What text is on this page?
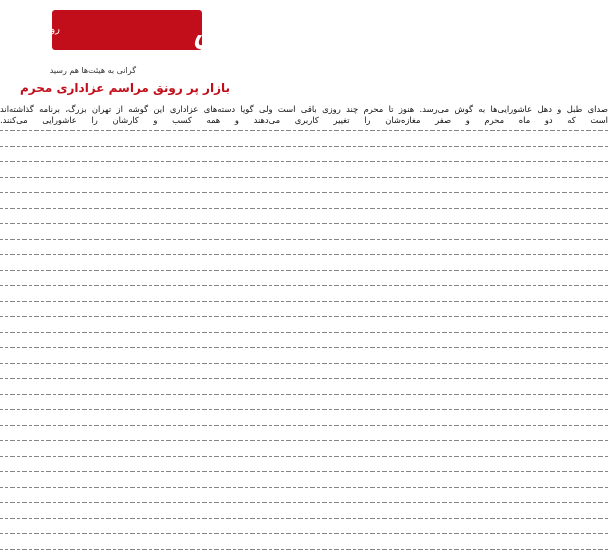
روزنامه	شرق
گرانی به هیئت‌ها هم رسید
بازار پر رونق مراسم عزاداری محرم
صدای طبل و دهل عاشورایی‌ها به گوش می‌رسد. هنوز تا محرم چند روزی باقی است ولی گویا دسته‌های عزاداری این گوشه از تهران بزرگ، برنامه گذاشته‌اند
است که دو ماه محرم و صفر مغازه‌شان را تغییر کاربری می‌دهند و همه کسب و کارشان را عاشورایی می‌کنند.
